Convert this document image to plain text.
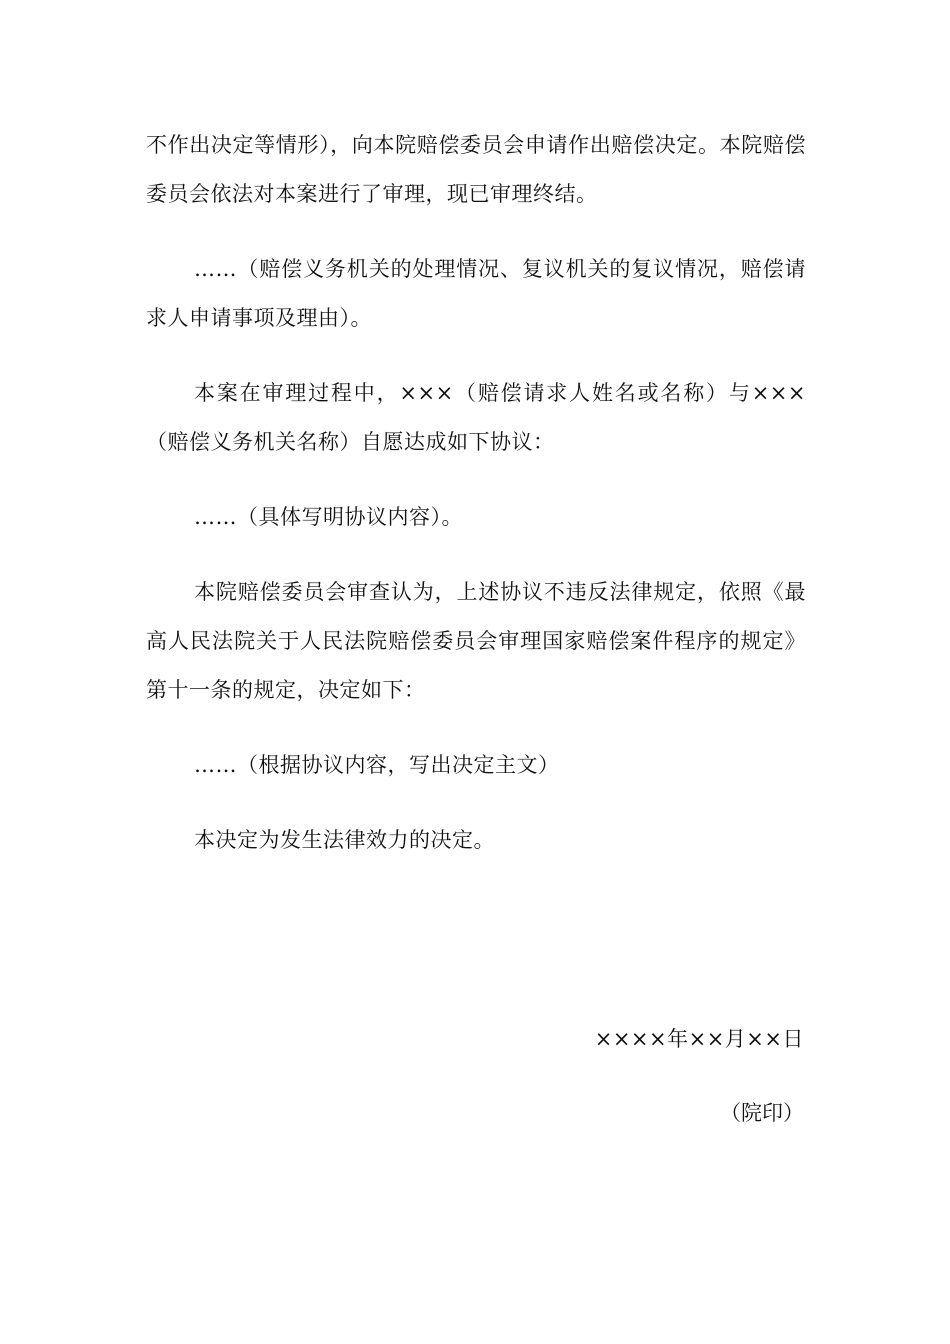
不作出决定等情形），向本院赔偿委员会申请作出赔偿决定。本院赔偿委员会依法对本案进行了审理，现已审理终结。

……（赔偿义务机关的处理情况、复议机关的复议情况，赔偿请求人申请事项及理由）。

本案在审理过程中，×××（赔偿请求人姓名或名称）与×××（赔偿义务机关名称）自愿达成如下协议：

……（具体写明协议内容）。

本院赔偿委员会审查认为，上述协议不违反法律规定，依照《最高人民法院关于人民法院赔偿委员会审理国家赔偿案件程序的规定》第十一条的规定，决定如下：

……（根据协议内容，写出决定主文）

本决定为发生法律效力的决定。

××××年××月××日
（院印）
